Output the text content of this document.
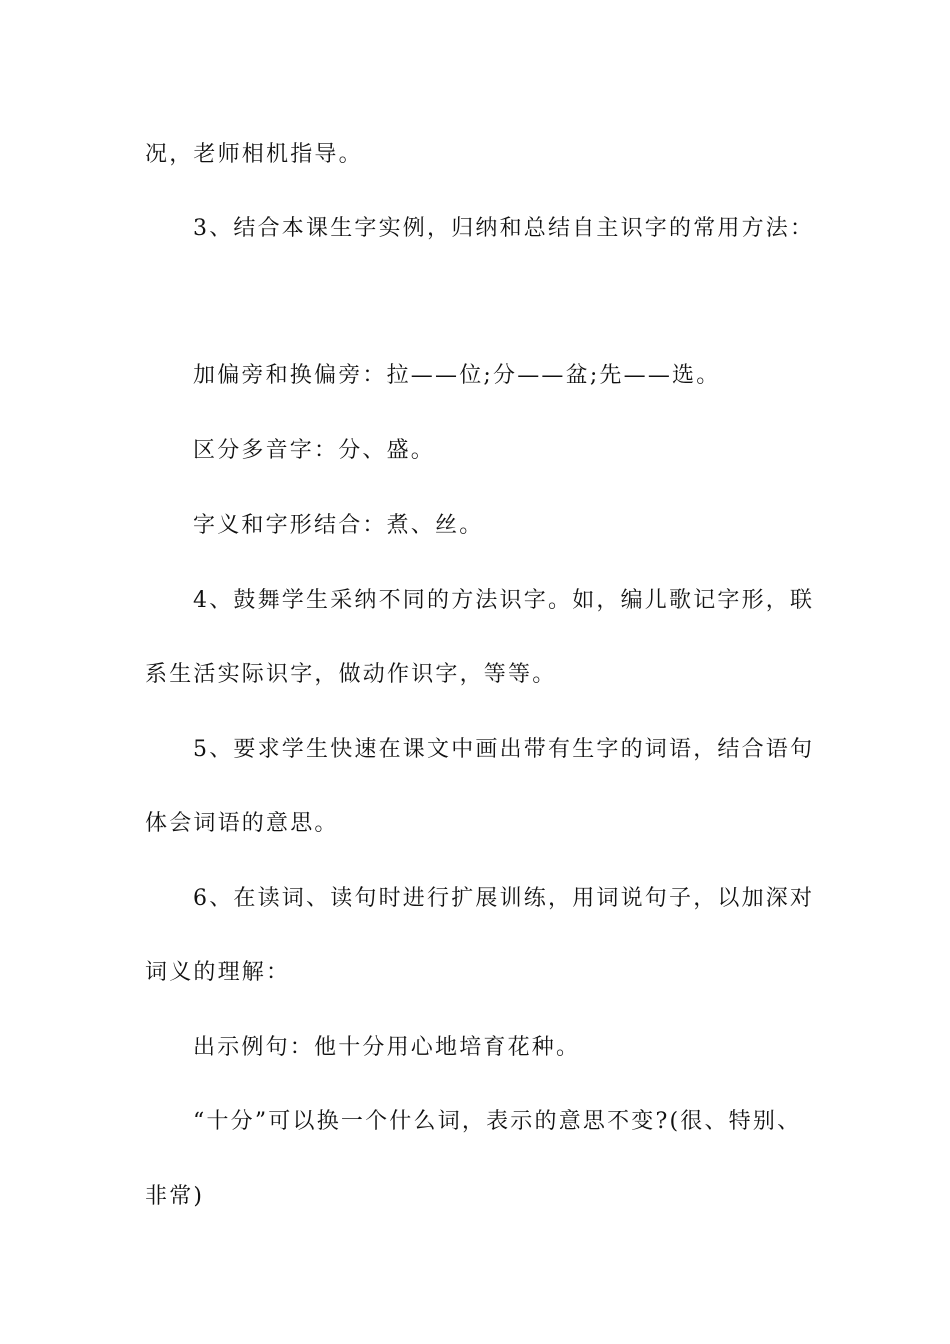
况，老师相机指导。
3、结合本课生字实例，归纳和总结自主识字的常用方法：
加偏旁和换偏旁：拉——位;分——盆;先——选。
区分多音字：分、盛。
字义和字形结合：煮、丝。
4、鼓舞学生采纳不同的方法识字。如，编儿歌记字形，联
系生活实际识字，做动作识字，等等。
5、要求学生快速在课文中画出带有生字的词语，结合语句
体会词语的意思。
6、在读词、读句时进行扩展训练，用词说句子，以加深对
词义的理解：
出示例句：他十分用心地培育花种。
“十分”可以换一个什么词，表示的意思不变?(很、特别、
非常)
